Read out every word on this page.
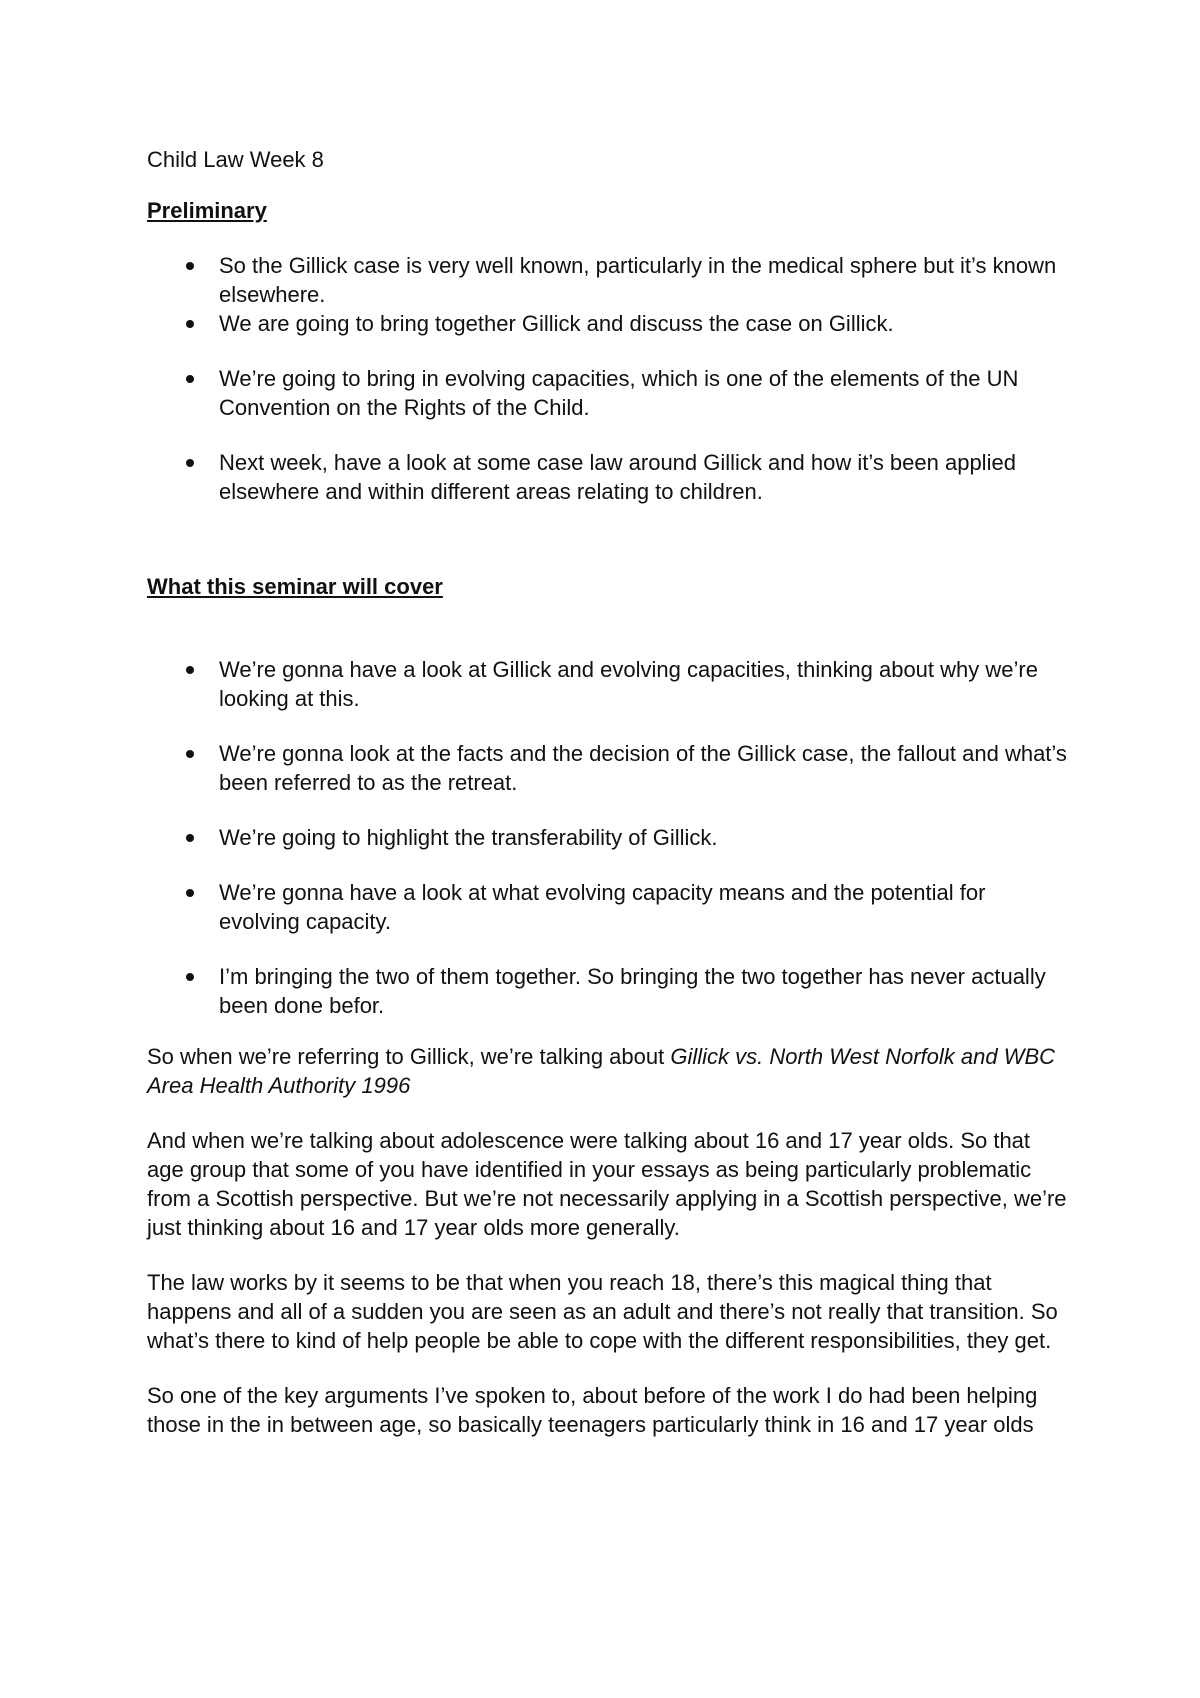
Child Law Week 8
Preliminary
So the Gillick case is very well known, particularly in the medical sphere but it’s known elsewhere.
We are going to bring together Gillick and discuss the case on Gillick.
We’re going to bring in evolving capacities, which is one of the elements of the UN Convention on the Rights of the Child.
Next week, have a look at some case law around Gillick and how it’s been applied elsewhere and within different areas relating to children.
What this seminar will cover
We’re gonna have a look at Gillick and evolving capacities, thinking about why we’re looking at this.
We’re gonna look at the facts and the decision of the Gillick case, the fallout and what’s been referred to as the retreat.
We’re going to highlight the transferability of Gillick.
We’re gonna have a look at what evolving capacity means and the potential for evolving capacity.
I’m bringing the two of them together. So bringing the two together has never actually been done befor.

So when we’re referring to Gillick, we’re talking about Gillick vs. North West Norfolk and WBC Area Health Authority 1996

And when we’re talking about adolescence were talking about 16 and 17 year olds. So that age group that some of you have identified in your essays as being particularly problematic from a Scottish perspective. But we’re not necessarily applying in a Scottish perspective, we’re just thinking about 16 and 17 year olds more generally.

The law works by it seems to be that when you reach 18, there’s this magical thing that happens and all of a sudden you are seen as an adult and there’s not really that transition. So what’s there to kind of help people be able to cope with the different responsibilities, they get.

So one of the key arguments I’ve spoken to, about before of the work I do had been helping those in the in between age, so basically teenagers particularly think in 16 and 17 year olds
